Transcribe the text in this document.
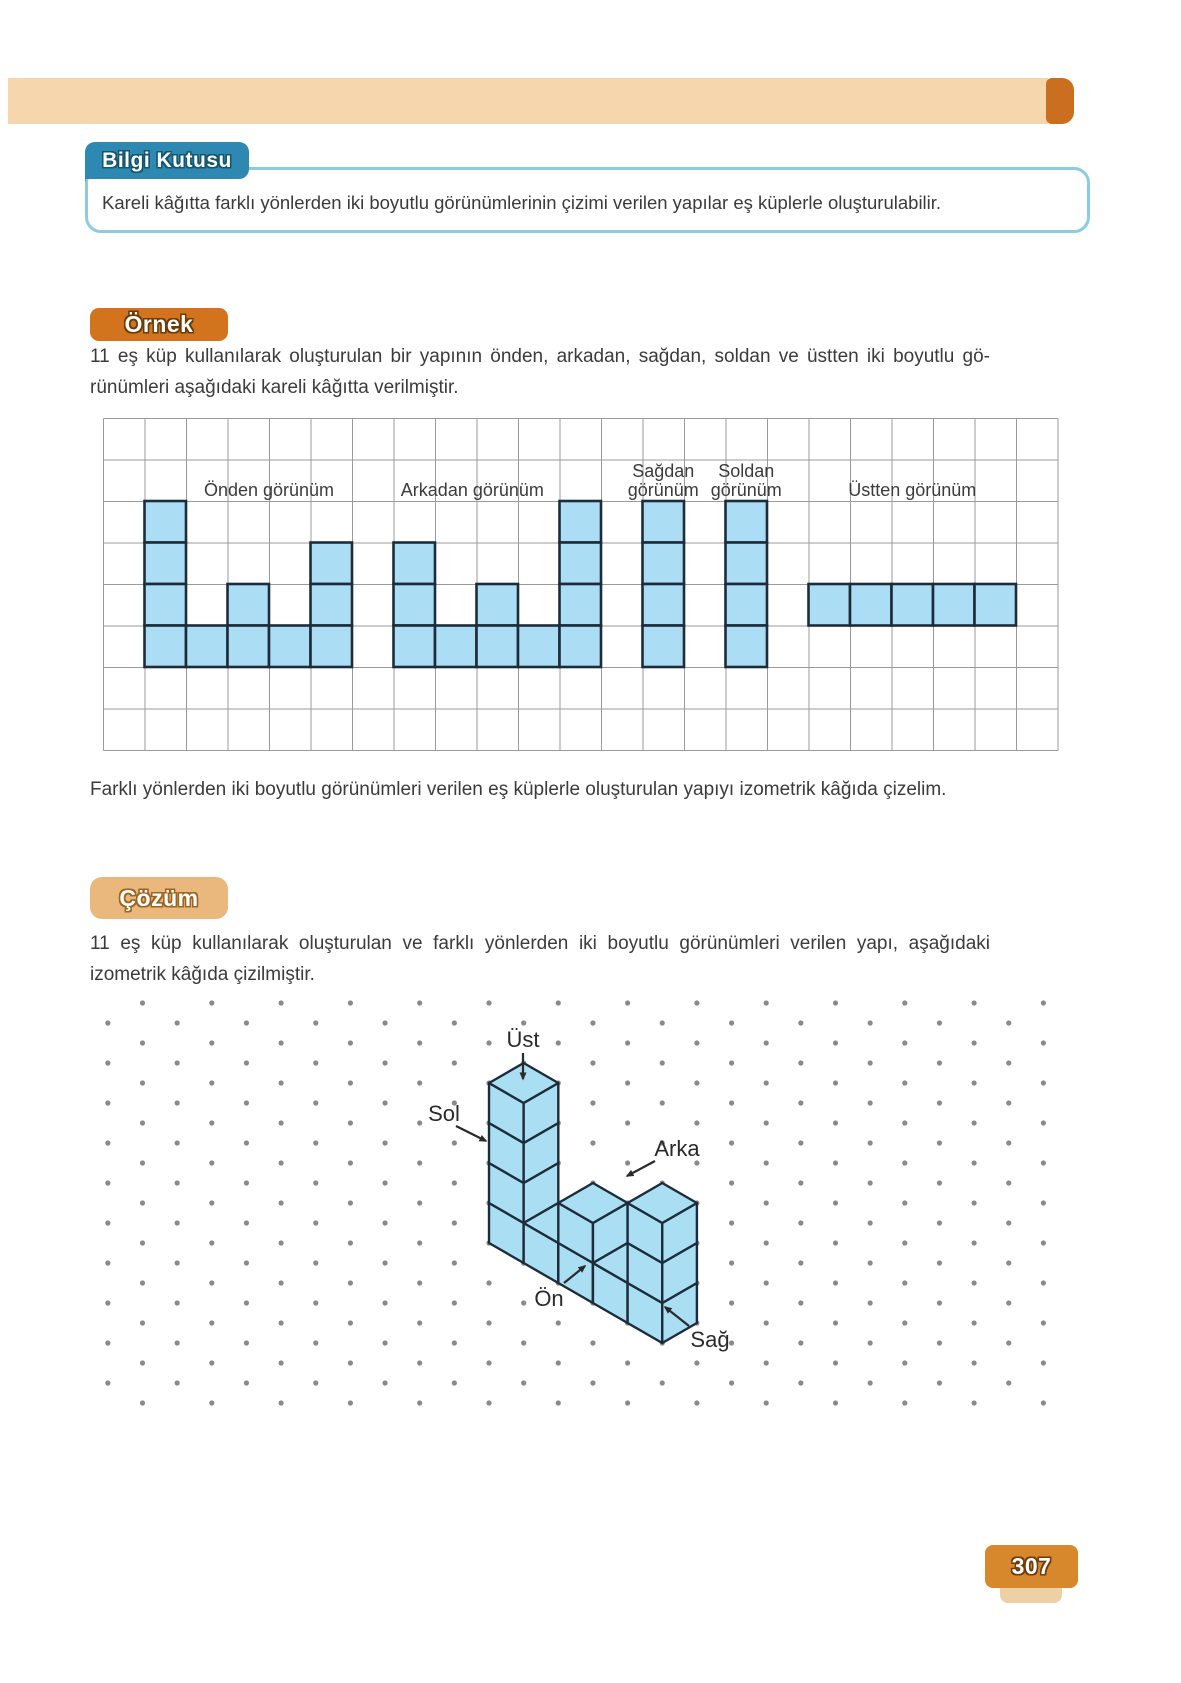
Kareli kâğıtta farklı yönlerden iki boyutlu görünümlerinin çizimi verilen yapılar eş küplerle oluşturulabilir.
Bilgi Kutusu
Örnek
11 eş küp kullanılarak oluşturulan bir yapının önden, arkadan, sağdan, soldan ve üstten iki boyutlu gö-
rünümleri aşağıdaki kareli kâğıtta verilmiştir.
Önden görünüm	Arkadan görünüm
Sağdan
görünüm
Soldan
görünüm	Üstten görünüm
Farklı yönlerden iki boyutlu görünümleri verilen eş küplerle oluşturulan yapıyı izometrik kâğıda çizelim.
Çözüm
11 eş küp kullanılarak oluşturulan ve farklı yönlerden iki boyutlu görünümleri verilen yapı, aşağıdaki
izometrik kâğıda çizilmiştir.
Üst
Sol
Arka
Ön
Sağ
307
